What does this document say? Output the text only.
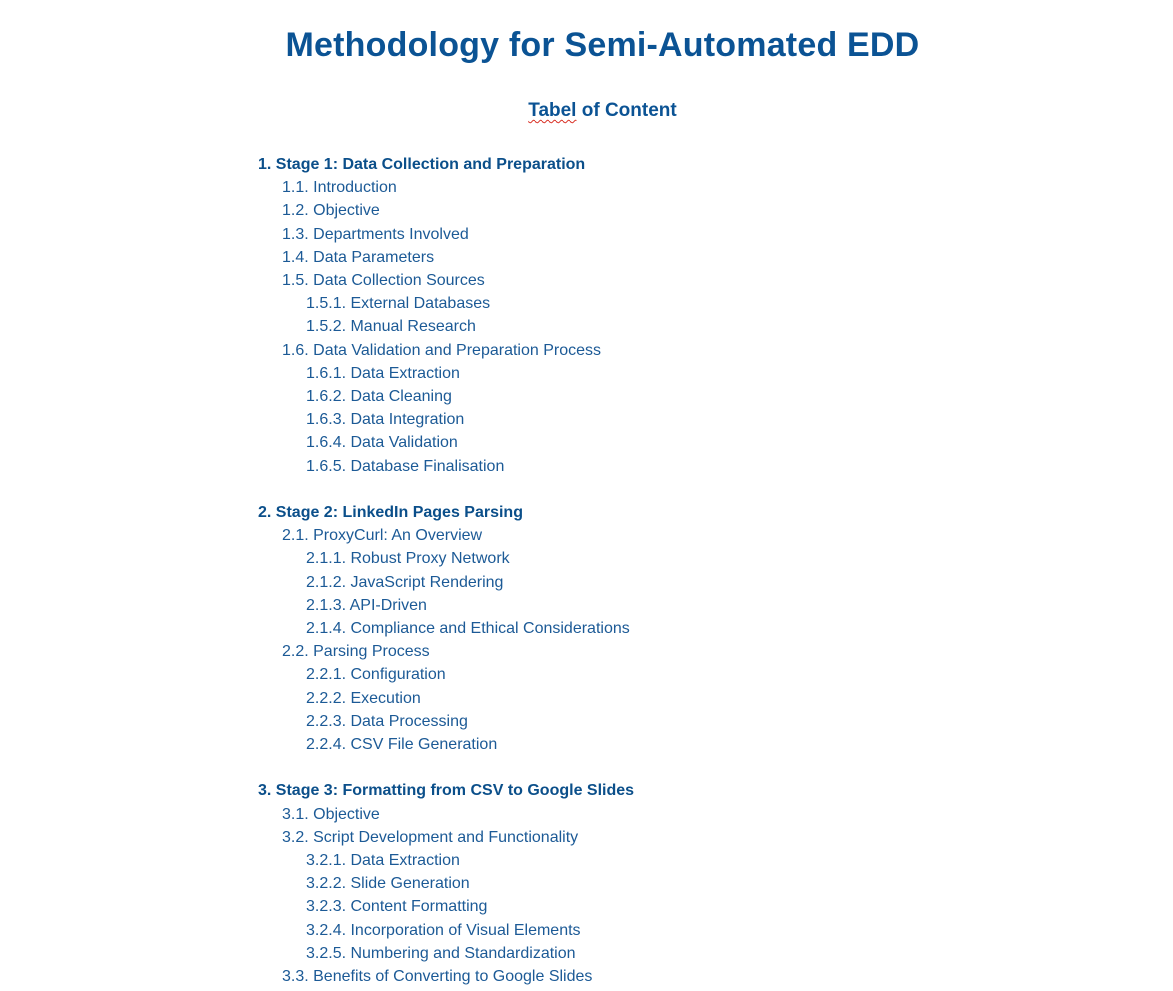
Methodology for Semi-Automated EDD
Tabel of Content
1. Stage 1: Data Collection and Preparation
1.1. Introduction
1.2. Objective
1.3. Departments Involved
1.4. Data Parameters
1.5. Data Collection Sources
1.5.1. External Databases
1.5.2. Manual Research
1.6. Data Validation and Preparation Process
1.6.1. Data Extraction
1.6.2. Data Cleaning
1.6.3. Data Integration
1.6.4. Data Validation
1.6.5. Database Finalisation
2. Stage 2: LinkedIn Pages Parsing
2.1. ProxyCurl: An Overview
2.1.1. Robust Proxy Network
2.1.2. JavaScript Rendering
2.1.3. API-Driven
2.1.4. Compliance and Ethical Considerations
2.2. Parsing Process
2.2.1. Configuration
2.2.2. Execution
2.2.3. Data Processing
2.2.4. CSV File Generation
3. Stage 3: Formatting from CSV to Google Slides
3.1. Objective
3.2. Script Development and Functionality
3.2.1. Data Extraction
3.2.2. Slide Generation
3.2.3. Content Formatting
3.2.4. Incorporation of Visual Elements
3.2.5. Numbering and Standardization
3.3. Benefits of Converting to Google Slides
